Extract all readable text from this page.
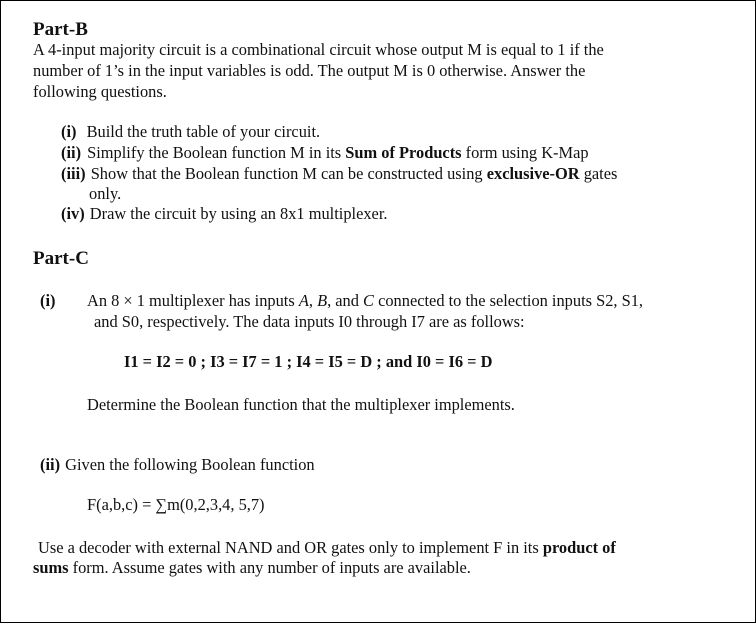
Part-B
A 4-input majority circuit is a combinational circuit whose output M is equal to 1 if the
number of 1’s in the input variables is odd. The output M is 0 otherwise. Answer the
following questions.
(i) Build the truth table of your circuit.
(ii) Simplify the Boolean function M in its Sum of Products form using K-Map
(iii) Show that the Boolean function M can be constructed using exclusive-OR gates
only.
(iv) Draw the circuit by using an 8x1 multiplexer.
Part-C
(i) An 8 × 1 multiplexer has inputs A, B, and C connected to the selection inputs S2, S1,
and S0, respectively. The data inputs I0 through I7 are as follows:
I1 = I2 = 0 ; I3 = I7 = 1 ; I4 = I5 = D ; and I0 = I6 = D
Determine the Boolean function that the multiplexer implements.
(ii) Given the following Boolean function
F(a,b,c) = ∑m(0,2,3,4, 5,7)
Use a decoder with external NAND and OR gates only to implement F in its product of
sums form. Assume gates with any number of inputs are available.
